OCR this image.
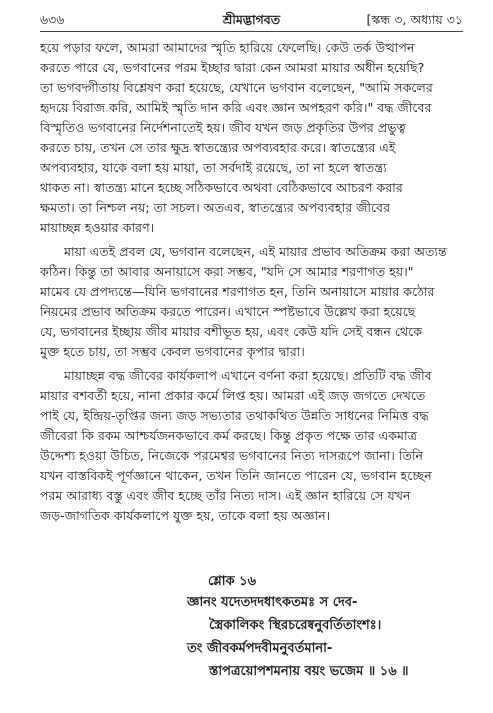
৬৩৬	শ্রীমদ্ভাগবত	[স্কন্ধ ৩, অধ্যায় ৩১
হয়ে পড়ার ফলে, আমরা আমাদের স্মৃতি হারিয়ে ফেলেছি। কেউ তর্ক উত্থাপন
করতে পারে যে, ভগবানের পরম ইচ্ছার দ্বারা কেন আমরা মায়ার অধীন হয়েছি?
তা ভগবদ্গীতায় বিশ্লেষণ করা হয়েছে, যেখানে ভগবান বলেছেন, "আমি সকলের
হৃদয়ে বিরাজ করি, আমিই স্মৃতি দান করি এবং জ্ঞান অপহরণ করি।" বদ্ধ জীবের
বিস্মৃতিও ভগবানের নির্দেশনাতেই হয়। জীব যখন জড় প্রকৃতির উপর প্রভুত্ব
করতে চায়, তখন সে তার ক্ষুদ্র স্বাতন্ত্র্যের অপব্যবহার করে। স্বাতন্ত্র্যের এই
অপব্যবহার, যাকে বলা হয় মায়া, তা সর্বদাই রয়েছে, তা না হলে স্বাতন্ত্র্য
থাকত না। স্বাতন্ত্র্য মানে হচ্ছে সঠিকভাবে অথবা বেঠিকভাবে আচরণ করার
ক্ষমতা। তা নিশ্চল নয়; তা সচল। অতএব, স্বাতন্ত্র্যের অপব্যবহার জীবের
মায়াচ্ছন্ন হওয়ার কারণ।
মায়া এতই প্রবল যে, ভগবান বলেছেন, এই মায়ার প্রভাব অতিক্রম করা অত্যন্ত
কঠিন। কিন্তু তা আবার অনায়াসে করা সম্ভব, "যদি সে আমার শরণাগত হয়।"
মামেব যে প্রপদ্যন্তে—যিনি ভগবানের শরণাগত হন, তিনি অনায়াসে মায়ার কঠোর
নিয়মের প্রভাব অতিক্রম করতে পারেন। এখানে স্পষ্টভাবে উল্লেখ করা হয়েছে
যে, ভগবানের ইচ্ছায় জীব মায়ার বশীভূত হয়, এবং কেউ যদি সেই বন্ধন থেকে
মুক্ত হতে চায়, তা সম্ভব কেবল ভগবানের কৃপার দ্বারা।
মায়াচ্ছন্ন বদ্ধ জীবের কার্যকলাপ এখানে বর্ণনা করা হয়েছে। প্রতিটি বদ্ধ জীব
মায়ার বশবর্তী হয়ে, নানা প্রকার কর্মে লিপ্ত হয়। আমরা এই জড় জগতে দেখতে
পাই যে, ইন্দ্রিয়-তৃপ্তির জন্য জড় সভ্যতার তথাকথিত উন্নতি সাধনের নিমিত্ত বদ্ধ
জীবেরা কি রকম আশ্চর্যজনকভাবে কর্ম করছে। কিন্তু প্রকৃত পক্ষে তার একমাত্র
উদ্দেশ্য হওয়া উচিত, নিজেকে পরমেশ্বর ভগবানের নিত্য দাসরূপে জানা। তিনি
যখন বাস্তবিকই পূর্ণজ্ঞানে থাকেন, তখন তিনি জানতে পারেন যে, ভগবান হচ্ছেন
পরম আরাধ্য বস্তু এবং জীব হচ্ছে তাঁর নিত্য দাস। এই জ্ঞান হারিয়ে সে যখন
জড়-জাগতিক কার্যকলাপে যুক্ত হয়, তাকে বলা হয় অজ্ঞান।
শ্লোক ১৬
জ্ঞানং যদেতদদধাৎকতমঃ স দেব-
স্ত্রৈকালিকং স্থিরচরেষ্বনুবর্তিতাংশঃ।
তং জীবকর্মপদবীমনুবর্তমানা-
স্তাপত্রয়োপশমনায় বয়ং ভজেম ॥ ১৬ ॥
